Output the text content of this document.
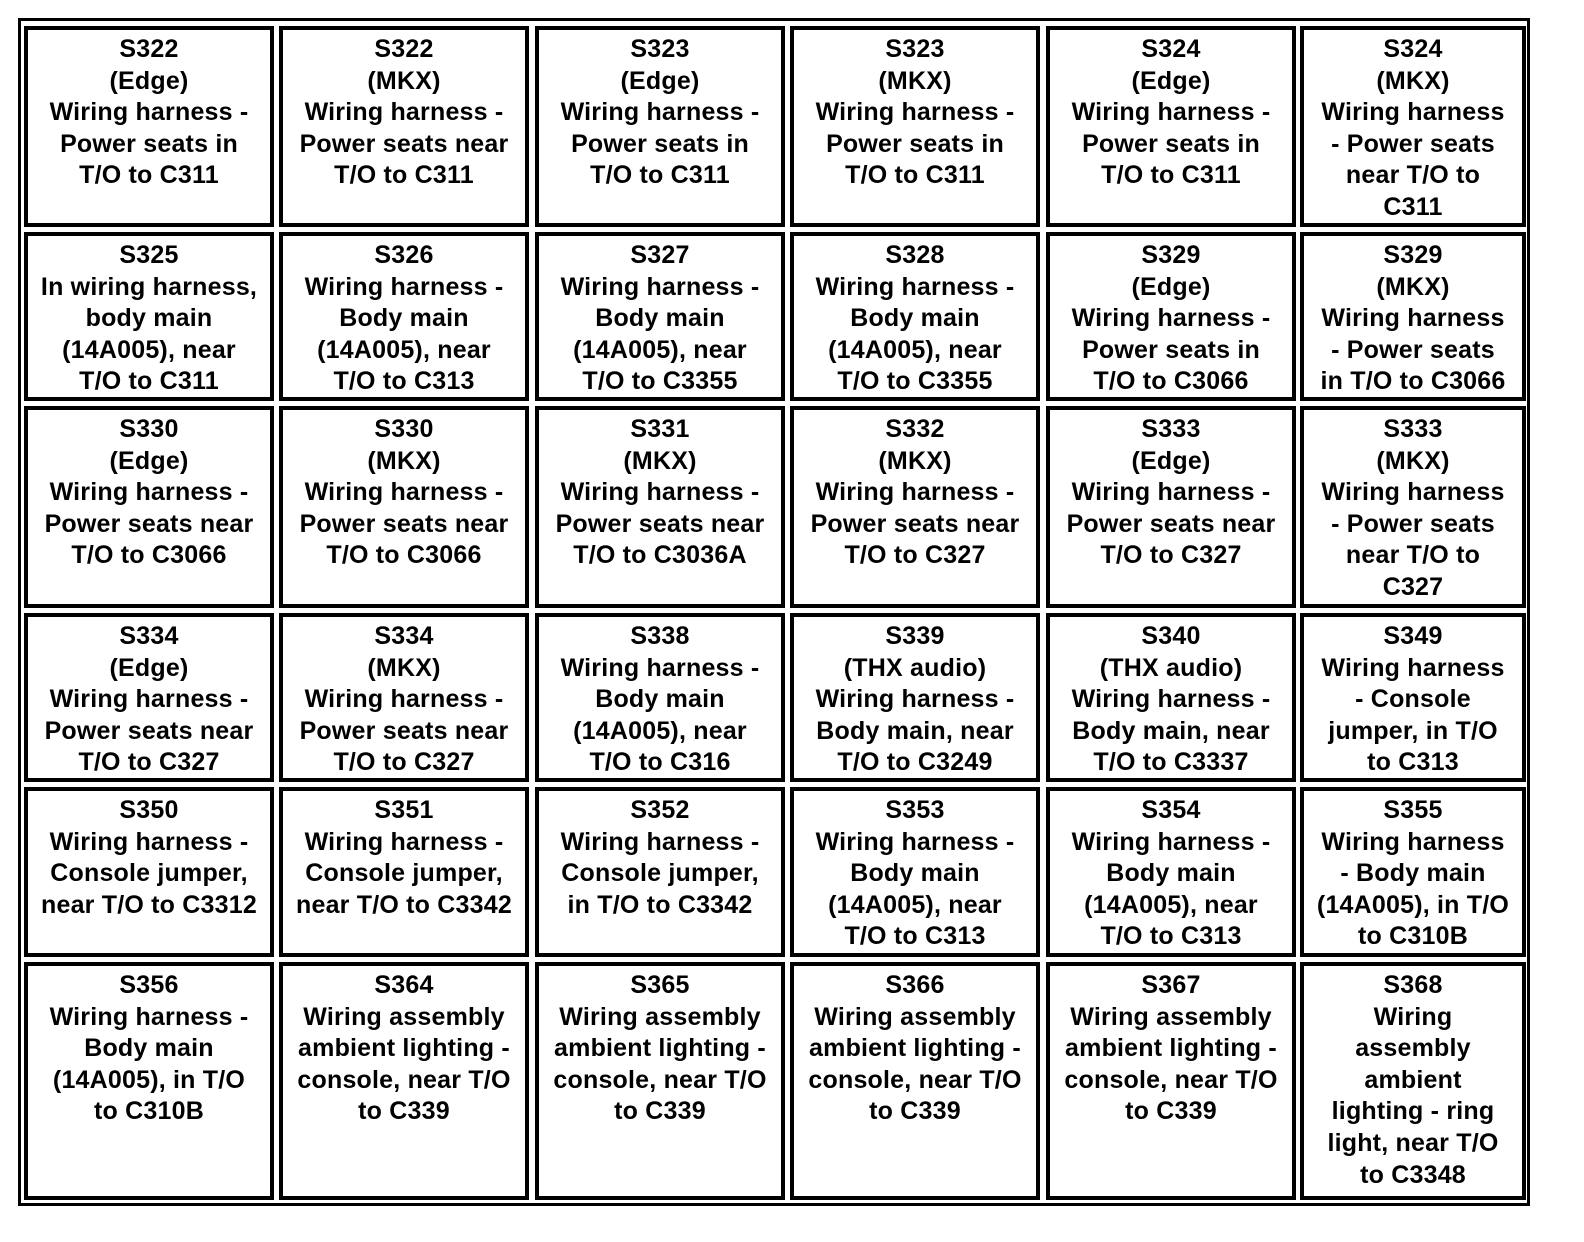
S322
(Edge)
Wiring harness -
Power seats in
T/O to C311
S322
(MKX)
Wiring harness -
Power seats near
T/O to C311
S323
(Edge)
Wiring harness -
Power seats in
T/O to C311
S323
(MKX)
Wiring harness -
Power seats in
T/O to C311
S324
(Edge)
Wiring harness -
Power seats in
T/O to C311
S324
(MKX)
Wiring harness
- Power seats
near T/O to
C311
S325
In wiring harness,
body main
(14A005), near
T/O to C311
S326
Wiring harness -
Body main
(14A005), near
T/O to C313
S327
Wiring harness -
Body main
(14A005), near
T/O to C3355
S328
Wiring harness -
Body main
(14A005), near
T/O to C3355
S329
(Edge)
Wiring harness -
Power seats in
T/O to C3066
S329
(MKX)
Wiring harness
- Power seats
in T/O to C3066
S330
(Edge)
Wiring harness -
Power seats near
T/O to C3066
S330
(MKX)
Wiring harness -
Power seats near
T/O to C3066
S331
(MKX)
Wiring harness -
Power seats near
T/O to C3036A
S332
(MKX)
Wiring harness -
Power seats near
T/O to C327
S333
(Edge)
Wiring harness -
Power seats near
T/O to C327
S333
(MKX)
Wiring harness
- Power seats
near T/O to
C327
S334
(Edge)
Wiring harness -
Power seats near
T/O to C327
S334
(MKX)
Wiring harness -
Power seats near
T/O to C327
S338
Wiring harness -
Body main
(14A005), near
T/O to C316
S339
(THX audio)
Wiring harness -
Body main, near
T/O to C3249
S340
(THX audio)
Wiring harness -
Body main, near
T/O to C3337
S349
Wiring harness
- Console
jumper, in T/O
to C313
S350
Wiring harness -
Console jumper,
near T/O to C3312
S351
Wiring harness -
Console jumper,
near T/O to C3342
S352
Wiring harness -
Console jumper,
in T/O to C3342
S353
Wiring harness -
Body main
(14A005), near
T/O to C313
S354
Wiring harness -
Body main
(14A005), near
T/O to C313
S355
Wiring harness
- Body main
(14A005), in T/O
to C310B
S356
Wiring harness -
Body main
(14A005), in T/O
to C310B
S364
Wiring assembly
ambient lighting -
console, near T/O
to C339
S365
Wiring assembly
ambient lighting -
console, near T/O
to C339
S366
Wiring assembly
ambient lighting -
console, near T/O
to C339
S367
Wiring assembly
ambient lighting -
console, near T/O
to C339
S368
Wiring
assembly
ambient
lighting - ring
light, near T/O
to C3348
